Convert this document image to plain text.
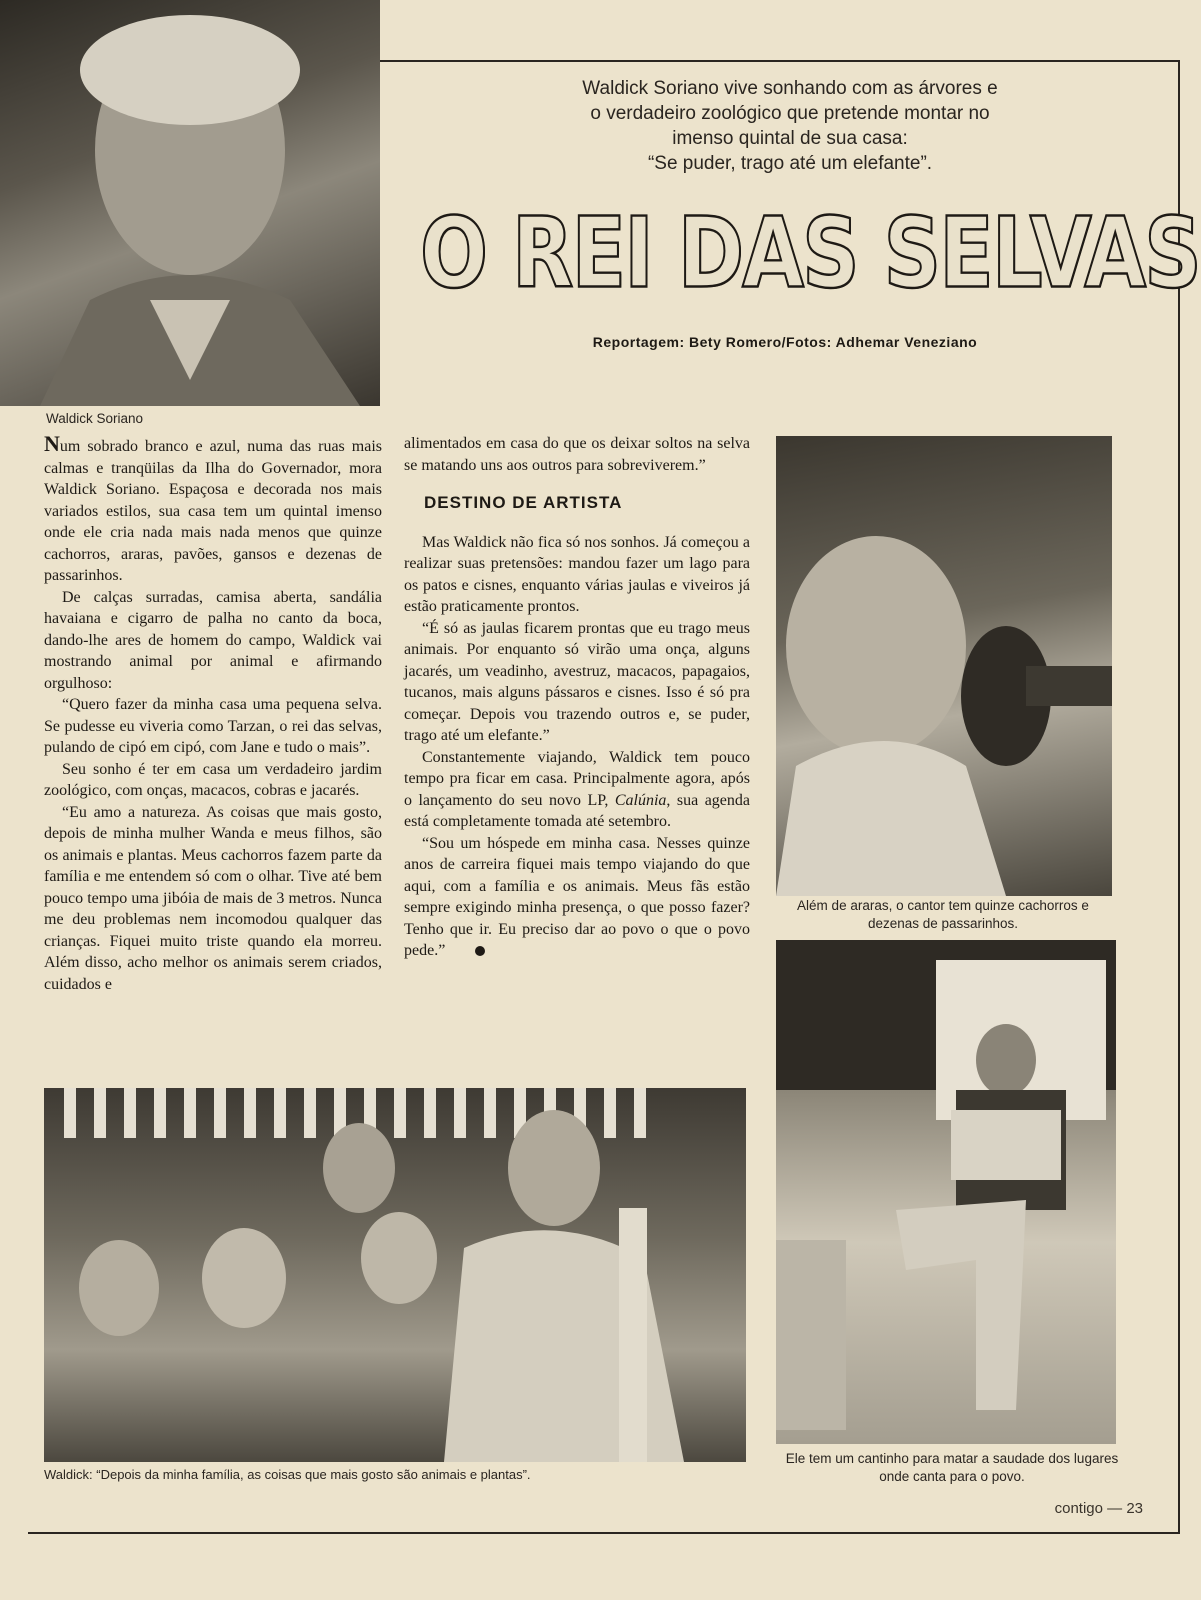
Waldick Soriano
Waldick Soriano vive sonhando com as árvores e
o verdadeiro zoológico que pretende montar no
imenso quintal de sua casa:
“Se puder, trago até um elefante”.
O REI DAS SELVAS
Reportagem: Bety Romero/Fotos: Adhemar Veneziano

Num sobrado branco e azul, numa das ruas mais calmas e tranqüilas da Ilha do Governador, mora Waldick Soriano. Espaçosa e decorada nos mais variados estilos, sua casa tem um quintal imenso onde ele cria nada mais nada menos que quinze cachorros, araras, pavões, gansos e dezenas de passarinhos.

De calças surradas, camisa aberta, sandália havaiana e cigarro de palha no canto da boca, dando-lhe ares de homem do campo, Waldick vai mostrando animal por animal e afirmando orgulhoso:

“Quero fazer da minha casa uma pequena selva. Se pudesse eu viveria como Tarzan, o rei das selvas, pulando de cipó em cipó, com Jane e tudo o mais”.

Seu sonho é ter em casa um verdadeiro jardim zoológico, com onças, macacos, cobras e jacarés.

“Eu amo a natureza. As coisas que mais gosto, depois de minha mulher Wanda e meus filhos, são os animais e plantas. Meus cachorros fazem parte da família e me entendem só com o olhar. Tive até bem pouco tempo uma jibóia de mais de 3 metros. Nunca me deu problemas nem incomodou qualquer das crianças. Fiquei muito triste quando ela morreu. Além disso, acho melhor os animais serem criados, cuidados e

alimentados em casa do que os deixar soltos na selva se matando uns aos outros para sobreviverem.”

DESTINO DE ARTISTA

Mas Waldick não fica só nos sonhos. Já começou a realizar suas pretensões: mandou fazer um lago para os patos e cisnes, enquanto várias jaulas e viveiros já estão praticamente prontos.

“É só as jaulas ficarem prontas que eu trago meus animais. Por enquanto só virão uma onça, alguns jacarés, um veadinho, avestruz, macacos, papagaios, tucanos, mais alguns pássaros e cisnes. Isso é só pra começar. Depois vou trazendo outros e, se puder, trago até um elefante.”

Constantemente viajando, Waldick tem pouco tempo pra ficar em casa. Principalmente agora, após o lançamento do seu novo LP, Calúnia, sua agenda está completamente tomada até setembro.

“Sou um hóspede em minha casa. Nesses quinze anos de carreira fiquei mais tempo viajando do que aqui, com a família e os animais. Meus fãs estão sempre exigindo minha presença, o que posso fazer? Tenho que ir. Eu preciso dar ao povo o que o povo pede.”

Além de araras, o cantor tem quinze cachorros e dezenas de passarinhos.
Ele tem um cantinho para matar a saudade dos lugares onde canta para o povo.
Waldick: “Depois da minha família, as coisas que mais gosto são animais e plantas”.
contigo — 23
